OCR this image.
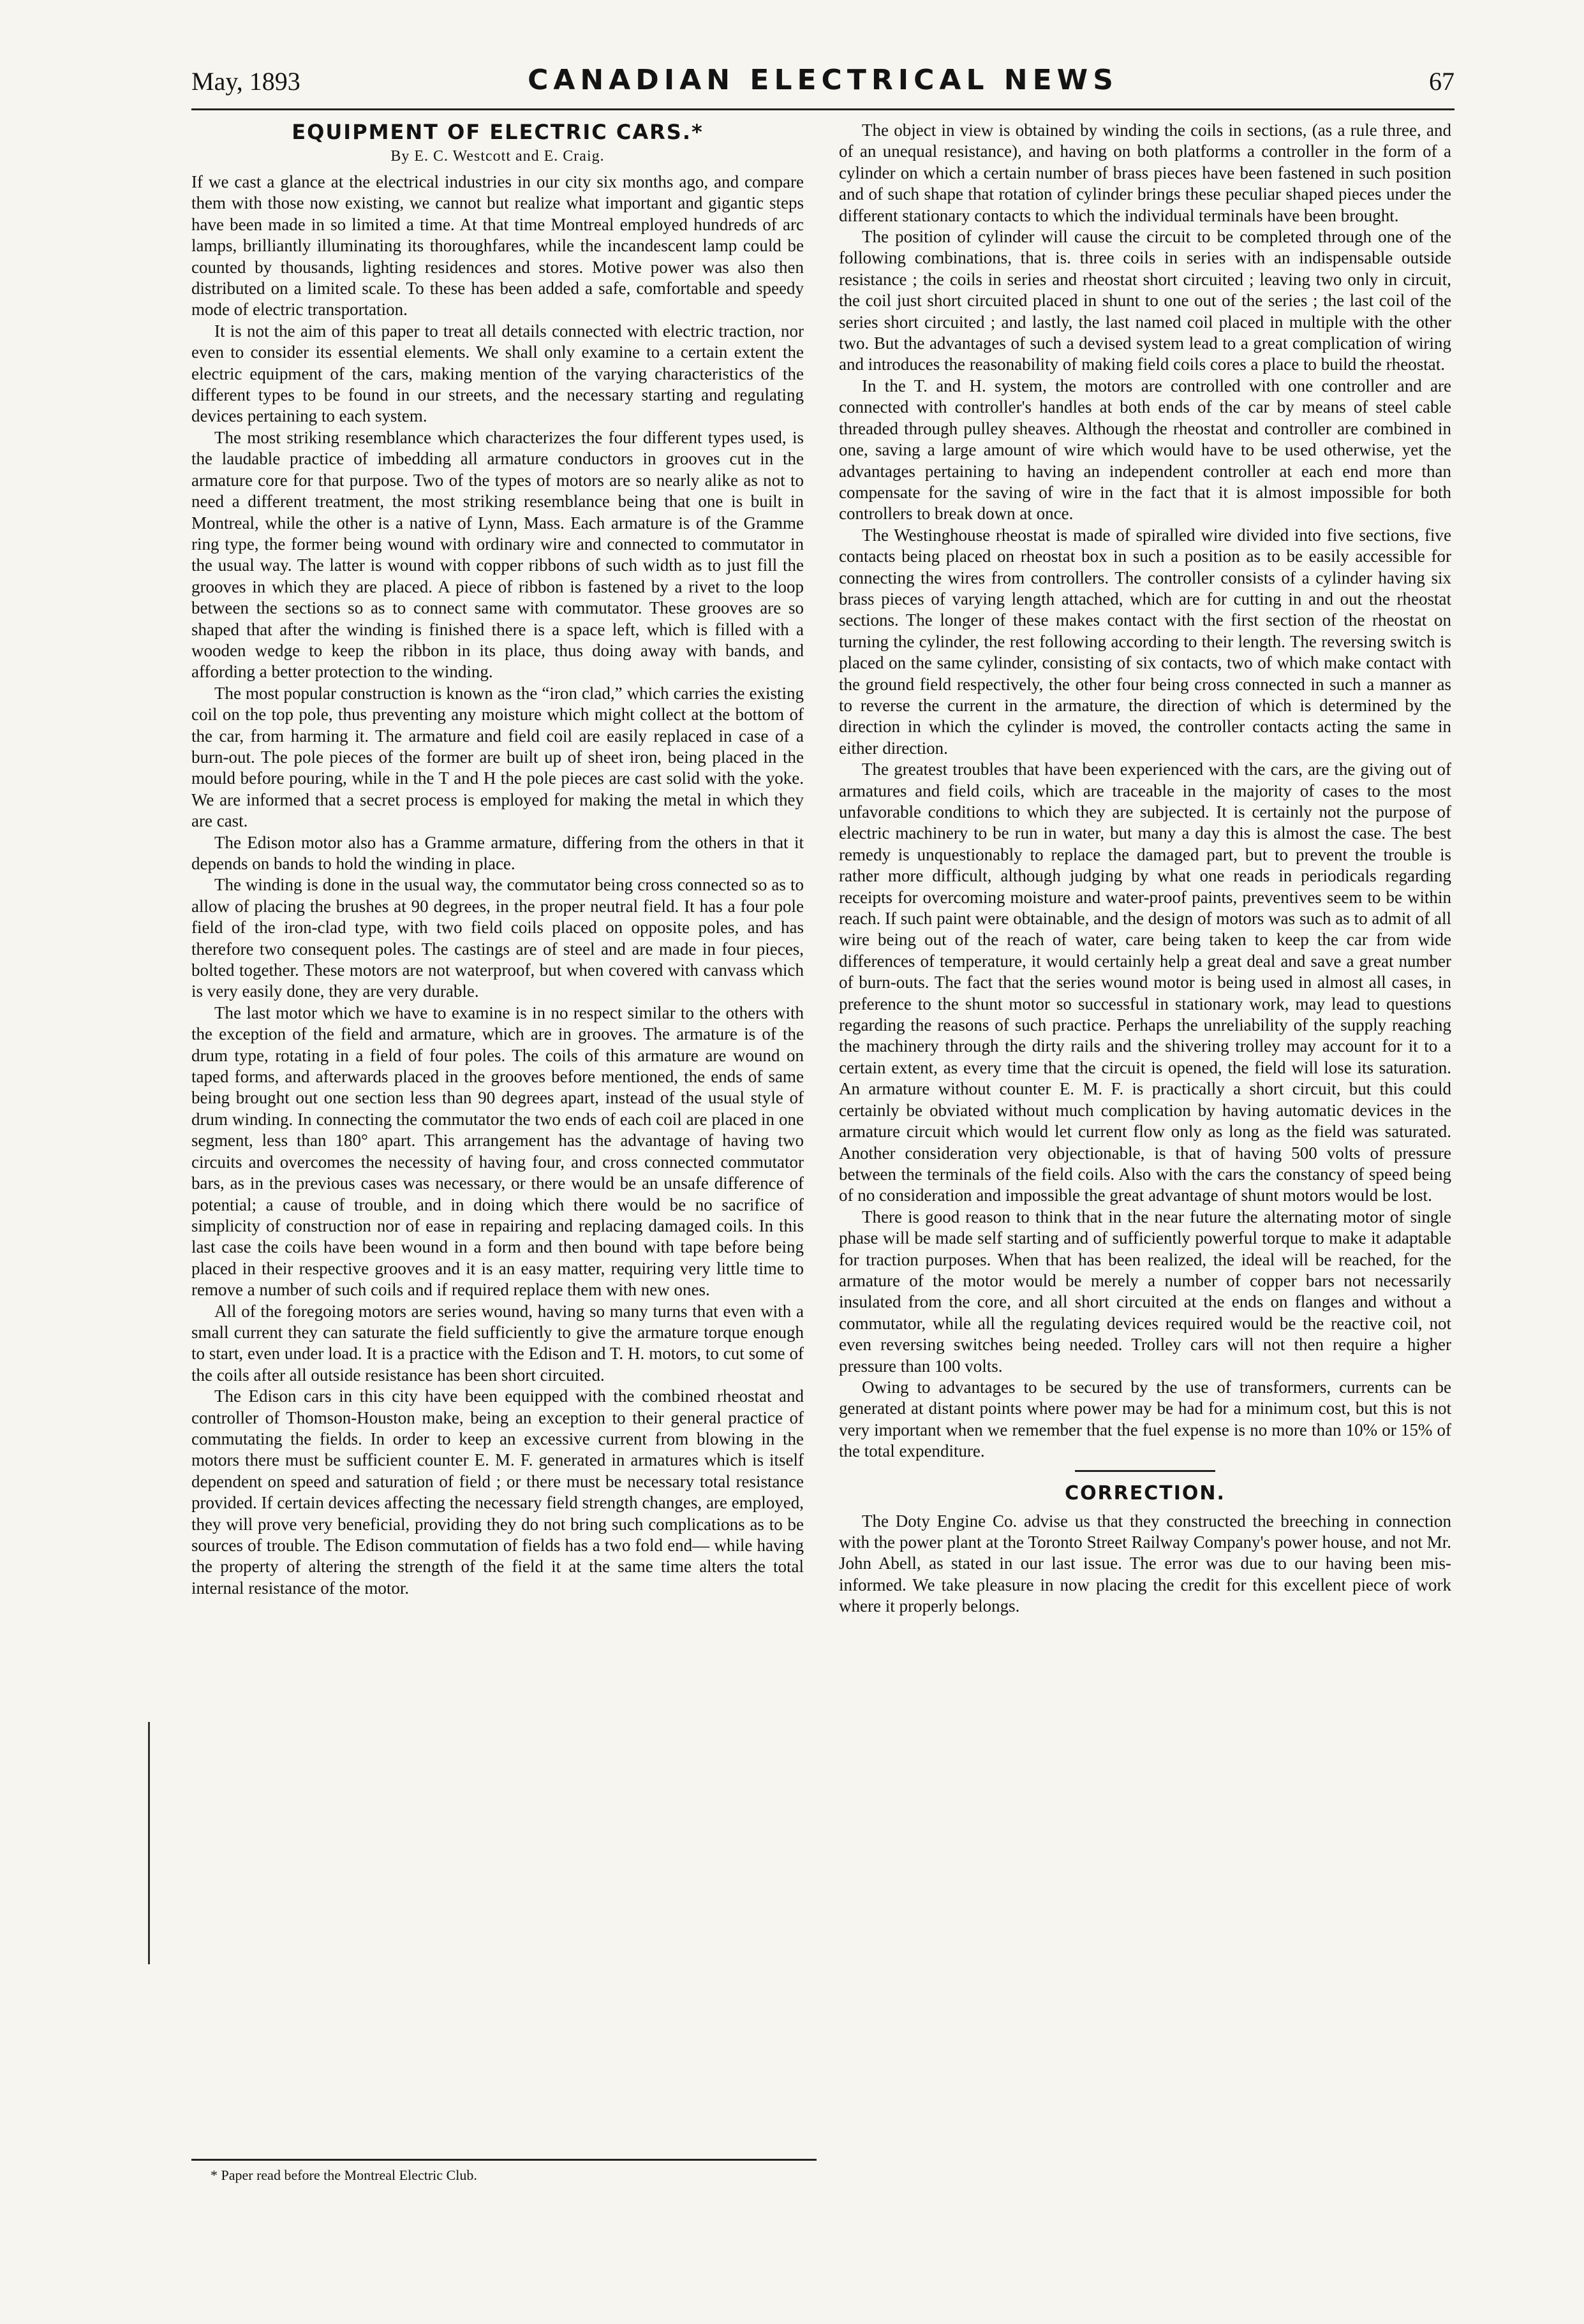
May, 1893	CANADIAN ELECTRICAL NEWS	67
EQUIPMENT OF ELECTRIC CARS.*
By E. C. Westcott and E. Craig.

If we cast a glance at the electrical industries in our city six months ago, and compare them with those now existing, we cannot but realize what important and gigantic steps have been made in so limited a time. At that time Montreal employed hundreds of arc lamps, brilliantly illuminating its thoroughfares, while the incandescent lamp could be counted by thousands, lighting residences and stores. Motive power was also then distributed on a limited scale. To these has been added a safe, comfortable and speedy mode of electric transportation.

It is not the aim of this paper to treat all details connected with electric traction, nor even to consider its essential elements. We shall only examine to a certain extent the electric equipment of the cars, making mention of the varying characteristics of the different types to be found in our streets, and the necessary starting and regulating devices pertaining to each system.

The most striking resemblance which characterizes the four different types used, is the laudable practice of imbedding all armature conductors in grooves cut in the armature core for that purpose. Two of the types of motors are so nearly alike as not to need a different treatment, the most striking resemblance being that one is built in Montreal, while the other is a native of Lynn, Mass. Each armature is of the Gramme ring type, the former being wound with ordinary wire and connected to commutator in the usual way. The latter is wound with copper ribbons of such width as to just fill the grooves in which they are placed. A piece of ribbon is fastened by a rivet to the loop between the sections so as to connect same with commutator. These grooves are so shaped that after the winding is finished there is a space left, which is filled with a wooden wedge to keep the ribbon in its place, thus doing away with bands, and affording a better protection to the winding.

The most popular construction is known as the “iron clad,” which carries the existing coil on the top pole, thus preventing any moisture which might collect at the bottom of the car, from harming it. The armature and field coil are easily replaced in case of a burn-out. The pole pieces of the former are built up of sheet iron, being placed in the mould before pouring, while in the T and H the pole pieces are cast solid with the yoke. We are informed that a secret process is employed for making the metal in which they are cast.

The Edison motor also has a Gramme armature, differing from the others in that it depends on bands to hold the winding in place.

The winding is done in the usual way, the commutator being cross connected so as to allow of placing the brushes at 90 degrees, in the proper neutral field. It has a four pole field of the iron-clad type, with two field coils placed on opposite poles, and has therefore two consequent poles. The castings are of steel and are made in four pieces, bolted together. These motors are not waterproof, but when covered with canvass which is very easily done, they are very durable.

The last motor which we have to examine is in no respect similar to the others with the exception of the field and armature, which are in grooves. The armature is of the drum type, rotating in a field of four poles. The coils of this armature are wound on taped forms, and afterwards placed in the grooves before mentioned, the ends of same being brought out one section less than 90 degrees apart, instead of the usual style of drum winding. In connecting the commutator the two ends of each coil are placed in one segment, less than 180° apart. This arrangement has the advantage of having two circuits and overcomes the necessity of having four, and cross connected commutator bars, as in the previous cases was necessary, or there would be an unsafe difference of potential; a cause of trouble, and in doing which there would be no sacrifice of simplicity of construction nor of ease in repairing and replacing damaged coils. In this last case the coils have been wound in a form and then bound with tape before being placed in their respective grooves and it is an easy matter, requiring very little time to remove a number of such coils and if required replace them with new ones.

All of the foregoing motors are series wound, having so many turns that even with a small current they can saturate the field sufficiently to give the armature torque enough to start, even under load. It is a practice with the Edison and T. H. motors, to cut some of the coils after all outside resistance has been short circuited.

The Edison cars in this city have been equipped with the combined rheostat and controller of Thomson-Houston make, being an exception to their general practice of commutating the fields. In order to keep an excessive current from blowing in the motors there must be sufficient counter E. M. F. generated in armatures which is itself dependent on speed and saturation of field ; or there must be necessary total resistance provided. If certain devices affecting the necessary field strength changes, are employed, they will prove very beneficial, providing they do not bring such complications as to be sources of trouble. The Edison commutation of fields has a two fold end— while having the property of altering the strength of the field it at the same time alters the total internal resistance of the motor.

* Paper read before the Montreal Electric Club.

The object in view is obtained by winding the coils in sections, (as a rule three, and of an unequal resistance), and having on both platforms a controller in the form of a cylinder on which a certain number of brass pieces have been fastened in such position and of such shape that rotation of cylinder brings these peculiar shaped pieces under the different stationary contacts to which the individual terminals have been brought.

The position of cylinder will cause the circuit to be completed through one of the following combinations, that is. three coils in series with an indispensable outside resistance ; the coils in series and rheostat short circuited ; leaving two only in circuit, the coil just short circuited placed in shunt to one out of the series ; the last coil of the series short circuited ; and lastly, the last named coil placed in multiple with the other two. But the advantages of such a devised system lead to a great complication of wiring and introduces the reasonability of making field coils cores a place to build the rheostat.

In the T. and H. system, the motors are controlled with one controller and are connected with controller's handles at both ends of the car by means of steel cable threaded through pulley sheaves. Although the rheostat and controller are combined in one, saving a large amount of wire which would have to be used otherwise, yet the advantages pertaining to having an independent controller at each end more than compensate for the saving of wire in the fact that it is almost impossible for both controllers to break down at once.

The Westinghouse rheostat is made of spiralled wire divided into five sections, five contacts being placed on rheostat box in such a position as to be easily accessible for connecting the wires from controllers. The controller consists of a cylinder having six brass pieces of varying length attached, which are for cutting in and out the rheostat sections. The longer of these makes contact with the first section of the rheostat on turning the cylinder, the rest following according to their length. The reversing switch is placed on the same cylinder, consisting of six contacts, two of which make contact with the ground field respectively, the other four being cross connected in such a manner as to reverse the current in the armature, the direction of which is determined by the direction in which the cylinder is moved, the controller contacts acting the same in either direction.

The greatest troubles that have been experienced with the cars, are the giving out of armatures and field coils, which are traceable in the majority of cases to the most unfavorable conditions to which they are subjected. It is certainly not the purpose of electric machinery to be run in water, but many a day this is almost the case. The best remedy is unquestionably to replace the damaged part, but to prevent the trouble is rather more difficult, although judging by what one reads in periodicals regarding receipts for overcoming moisture and water-proof paints, preventives seem to be within reach. If such paint were obtainable, and the design of motors was such as to admit of all wire being out of the reach of water, care being taken to keep the car from wide differences of temperature, it would certainly help a great deal and save a great number of burn-outs. The fact that the series wound motor is being used in almost all cases, in preference to the shunt motor so successful in stationary work, may lead to questions regarding the reasons of such practice. Perhaps the unreliability of the supply reaching the machinery through the dirty rails and the shivering trolley may account for it to a certain extent, as every time that the circuit is opened, the field will lose its saturation. An armature without counter E. M. F. is practically a short circuit, but this could certainly be obviated without much complication by having automatic devices in the armature circuit which would let current flow only as long as the field was saturated. Another consideration very objectionable, is that of having 500 volts of pressure between the terminals of the field coils. Also with the cars the constancy of speed being of no consideration and impossible the great advantage of shunt motors would be lost.

There is good reason to think that in the near future the alternating motor of single phase will be made self starting and of sufficiently powerful torque to make it adaptable for traction purposes. When that has been realized, the ideal will be reached, for the armature of the motor would be merely a number of copper bars not necessarily insulated from the core, and all short circuited at the ends on flanges and without a commutator, while all the regulating devices required would be the reactive coil, not even reversing switches being needed. Trolley cars will not then require a higher pressure than 100 volts.

Owing to advantages to be secured by the use of transformers, currents can be generated at distant points where power may be had for a minimum cost, but this is not very important when we remember that the fuel expense is no more than 10% or 15% of the total expenditure.

CORRECTION.

The Doty Engine Co. advise us that they constructed the breeching in connection with the power plant at the Toronto Street Railway Company's power house, and not Mr. John Abell, as stated in our last issue. The error was due to our having been mis-informed. We take pleasure in now placing the credit for this excellent piece of work where it properly belongs.
